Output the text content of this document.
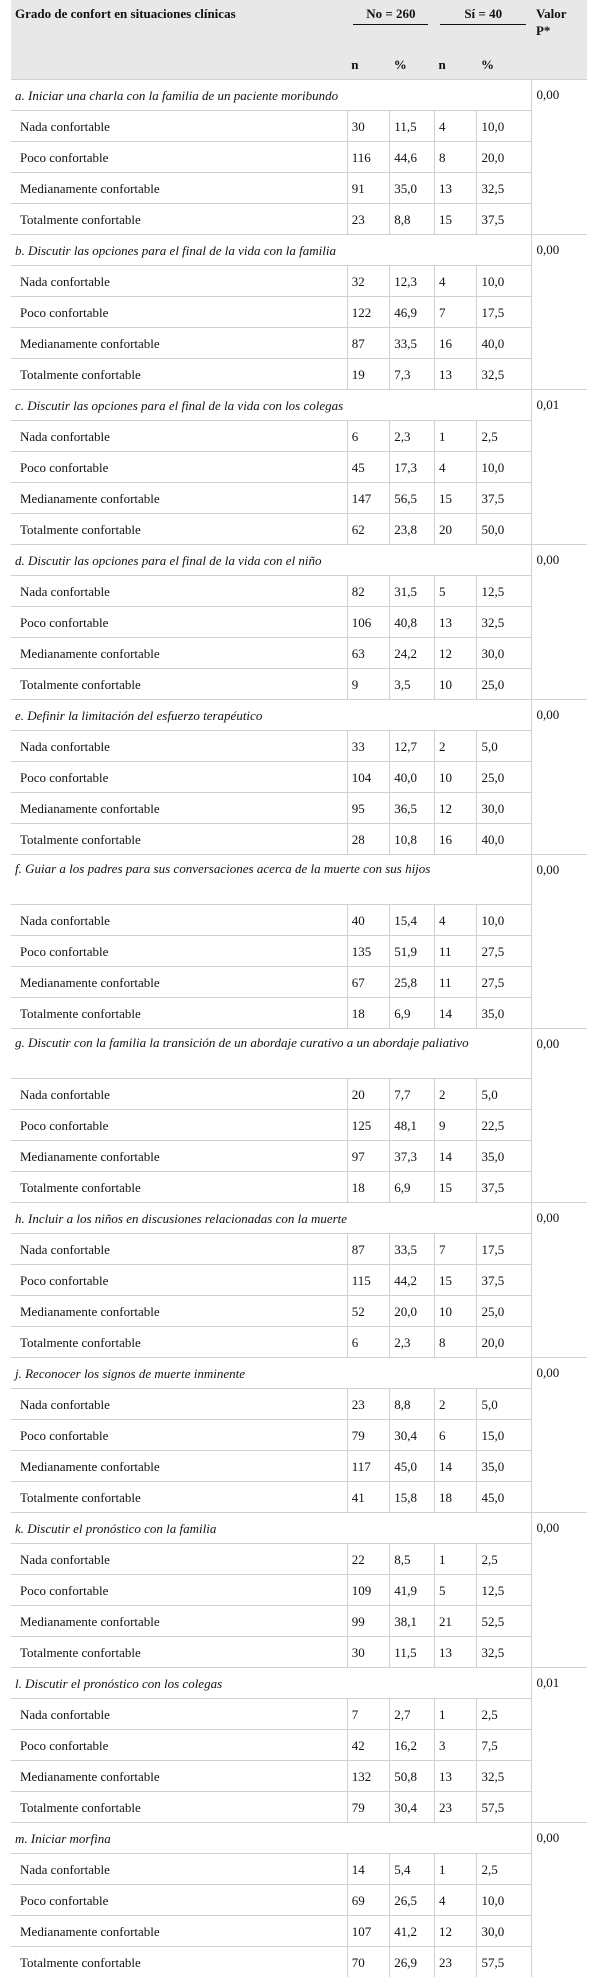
Grado de confort en situaciones clínicas	No = 260		Sí = 40		Valor P*
	n	%	n	%	
a. Iniciar una charla con la familia de un paciente moribundo					0,00
Nada confortable	30	11,5	4	10,0	
Poco confortable	116	44,6	8	20,0	
Medianamente confortable	91	35,0	13	32,5	
Totalmente confortable	23	8,8	15	37,5	
b. Discutir las opciones para el final de la vida con la familia					0,00
Nada confortable	32	12,3	4	10,0	
Poco confortable	122	46,9	7	17,5	
Medianamente confortable	87	33,5	16	40,0	
Totalmente confortable	19	7,3	13	32,5	
c. Discutir las opciones para el final de la vida con los colegas					0,01
Nada confortable	6	2,3	1	2,5	
Poco confortable	45	17,3	4	10,0	
Medianamente confortable	147	56,5	15	37,5	
Totalmente confortable	62	23,8	20	50,0	
d. Discutir las opciones para el final de la vida con el niño					0,00
Nada confortable	82	31,5	5	12,5	
Poco confortable	106	40,8	13	32,5	
Medianamente confortable	63	24,2	12	30,0	
Totalmente confortable	9	3,5	10	25,0	
e. Definir la limitación del esfuerzo terapéutico					0,00
Nada confortable	33	12,7	2	5,0	
Poco confortable	104	40,0	10	25,0	
Medianamente confortable	95	36,5	12	30,0	
Totalmente confortable	28	10,8	16	40,0	
f. Guiar a los padres para sus conversaciones acerca de la muerte con sus hijos					0,00
Nada confortable	40	15,4	4	10,0	
Poco confortable	135	51,9	11	27,5	
Medianamente confortable	67	25,8	11	27,5	
Totalmente confortable	18	6,9	14	35,0	
g. Discutir con la familia la transición de un abordaje curativo a un abordaje paliativo					0,00
Nada confortable	20	7,7	2	5,0	
Poco confortable	125	48,1	9	22,5	
Medianamente confortable	97	37,3	14	35,0	
Totalmente confortable	18	6,9	15	37,5	
h. Incluir a los niños en discusiones relacionadas con la muerte					0,00
Nada confortable	87	33,5	7	17,5	
Poco confortable	115	44,2	15	37,5	
Medianamente confortable	52	20,0	10	25,0	
Totalmente confortable	6	2,3	8	20,0	
j. Reconocer los signos de muerte inminente					0,00
Nada confortable	23	8,8	2	5,0	
Poco confortable	79	30,4	6	15,0	
Medianamente confortable	117	45,0	14	35,0	
Totalmente confortable	41	15,8	18	45,0	
k. Discutir el pronóstico con la familia					0,00
Nada confortable	22	8,5	1	2,5	
Poco confortable	109	41,9	5	12,5	
Medianamente confortable	99	38,1	21	52,5	
Totalmente confortable	30	11,5	13	32,5	
l. Discutir el pronóstico con los colegas					0,01
Nada confortable	7	2,7	1	2,5	
Poco confortable	42	16,2	3	7,5	
Medianamente confortable	132	50,8	13	32,5	
Totalmente confortable	79	30,4	23	57,5	
m. Iniciar morfina					0,00
Nada confortable	14	5,4	1	2,5	
Poco confortable	69	26,5	4	10,0	
Medianamente confortable	107	41,2	12	30,0	
Totalmente confortable	70	26,9	23	57,5	
